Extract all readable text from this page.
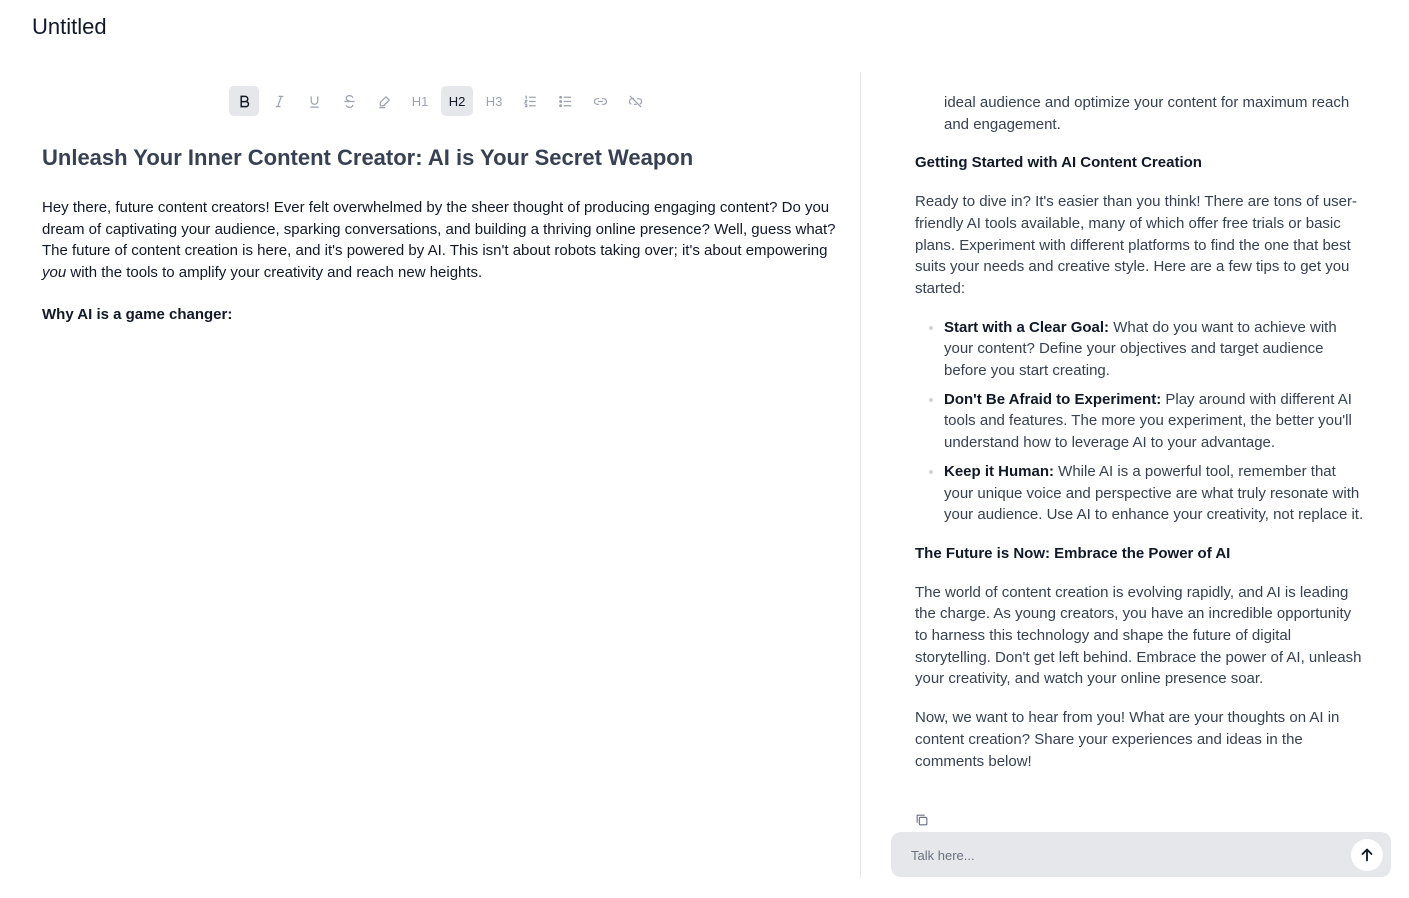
Untitled
H1	H2	H3
Unleash Your Inner Content Creator: AI is Your Secret Weapon

Hey there, future content creators! Ever felt overwhelmed by the sheer thought of producing engaging content? Do you dream of captivating your audience, sparking conversations, and building a thriving online presence? Well, guess what? The future of content creation is here, and it's powered by AI. This isn't about robots taking over; it's about empowering you with the tools to amplify your creativity and reach new heights.

Why AI is a game changer:

ideal audience and optimize your content for maximum reach and engagement.

Getting Started with AI Content Creation

Ready to dive in? It's easier than you think! There are tons of user-friendly AI tools available, many of which offer free trials or basic plans. Experiment with different platforms to find the one that best suits your needs and creative style. Here are a few tips to get you started:

• Start with a Clear Goal: What do you want to achieve with your content? Define your objectives and target audience before you start creating.
• Don't Be Afraid to Experiment: Play around with different AI tools and features. The more you experiment, the better you'll understand how to leverage AI to your advantage.
• Keep it Human: While AI is a powerful tool, remember that your unique voice and perspective are what truly resonate with your audience. Use AI to enhance your creativity, not replace it.
The Future is Now: Embrace the Power of AI

The world of content creation is evolving rapidly, and AI is leading the charge. As young creators, you have an incredible opportunity to harness this technology and shape the future of digital storytelling. Don't get left behind. Embrace the power of AI, unleash your creativity, and watch your online presence soar.

Now, we want to hear from you! What are your thoughts on AI in content creation? Share your experiences and ideas in the comments below!

Talk here...
